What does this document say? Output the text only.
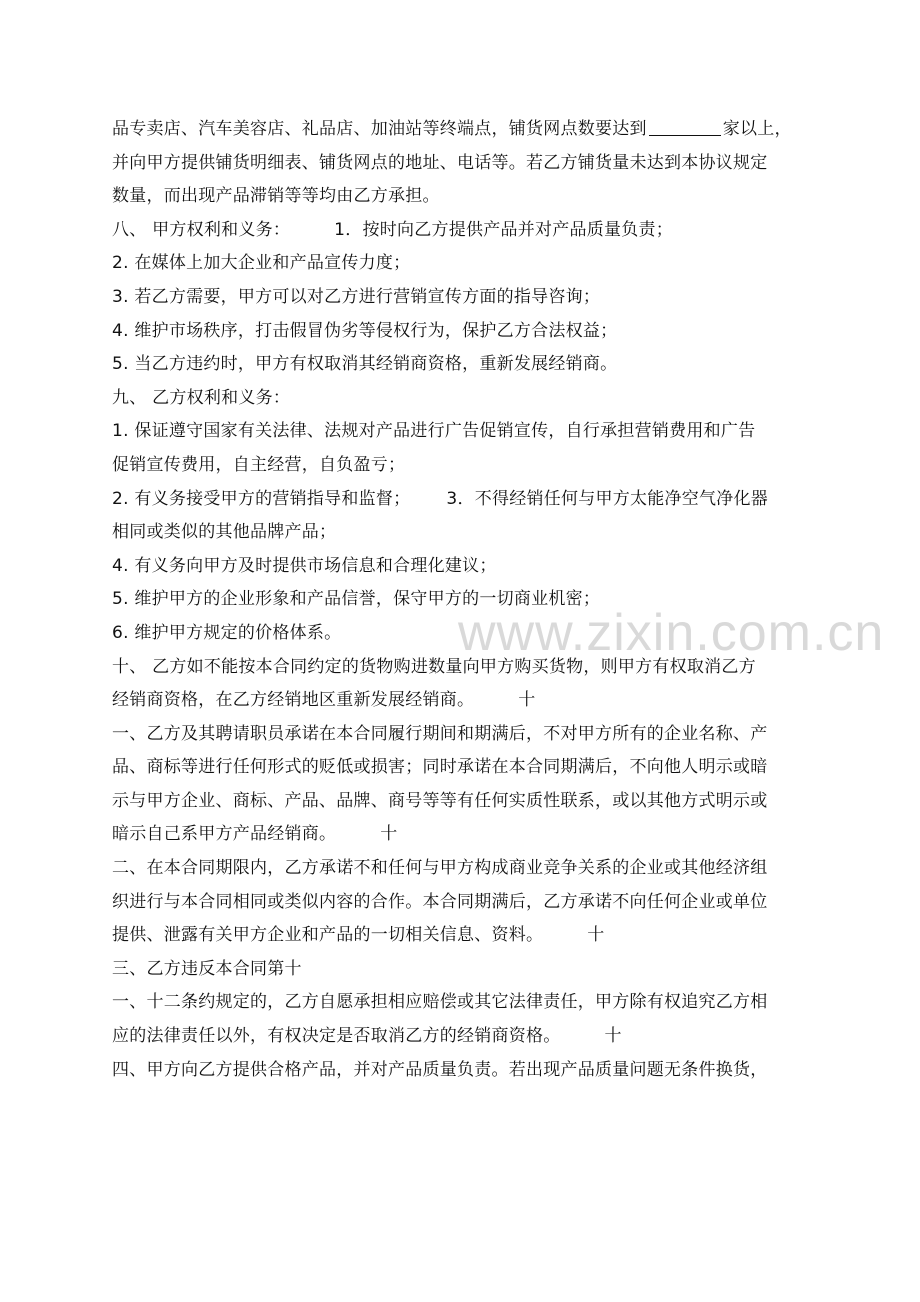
www.zixin.com.cn
品专卖店、汽车美容店、礼品店、加油站等终端点，铺货网点数要达到	家以上，
并向甲方提供铺货明细表、铺货网点的地址、电话等。若乙方铺货量未达到本协议规定
数量，而出现产品滞销等等均由乙方承担。
八、 甲方权利和义务：	1．按时向乙方提供产品并对产品质量负责；
2. 在媒体上加大企业和产品宣传力度；
3. 若乙方需要，甲方可以对乙方进行营销宣传方面的指导咨询；
4. 维护市场秩序，打击假冒伪劣等侵权行为，保护乙方合法权益；
5. 当乙方违约时，甲方有权取消其经销商资格，重新发展经销商。
九、 乙方权利和义务：
1. 保证遵守国家有关法律、法规对产品进行广告促销宣传，自行承担营销费用和广告
促销宣传费用，自主经营，自负盈亏；
2. 有义务接受甲方的营销指导和监督； 3．不得经销任何与甲方太能净空气净化器
相同或类似的其他品牌产品；
4. 有义务向甲方及时提供市场信息和合理化建议；
5. 维护甲方的企业形象和产品信誉，保守甲方的一切商业机密；
6. 维护甲方规定的价格体系。
十、 乙方如不能按本合同约定的货物购进数量向甲方购买货物，则甲方有权取消乙方
经销商资格，在乙方经销地区重新发展经销商。	十
一、乙方及其聘请职员承诺在本合同履行期间和期满后，不对甲方所有的企业名称、产
品、商标等进行任何形式的贬低或损害；同时承诺在本合同期满后，不向他人明示或暗
示与甲方企业、商标、产品、品牌、商号等等有任何实质性联系，或以其他方式明示或
暗示自己系甲方产品经销商。	十
二、在本合同期限内，乙方承诺不和任何与甲方构成商业竞争关系的企业或其他经济组
织进行与本合同相同或类似内容的合作。本合同期满后，乙方承诺不向任何企业或单位
提供、泄露有关甲方企业和产品的一切相关信息、资料。	十
三、乙方违反本合同第十
一、十二条约规定的，乙方自愿承担相应赔偿或其它法律责任，甲方除有权追究乙方相
应的法律责任以外，有权决定是否取消乙方的经销商资格。	十
四、甲方向乙方提供合格产品，并对产品质量负责。若出现产品质量问题无条件换货，
